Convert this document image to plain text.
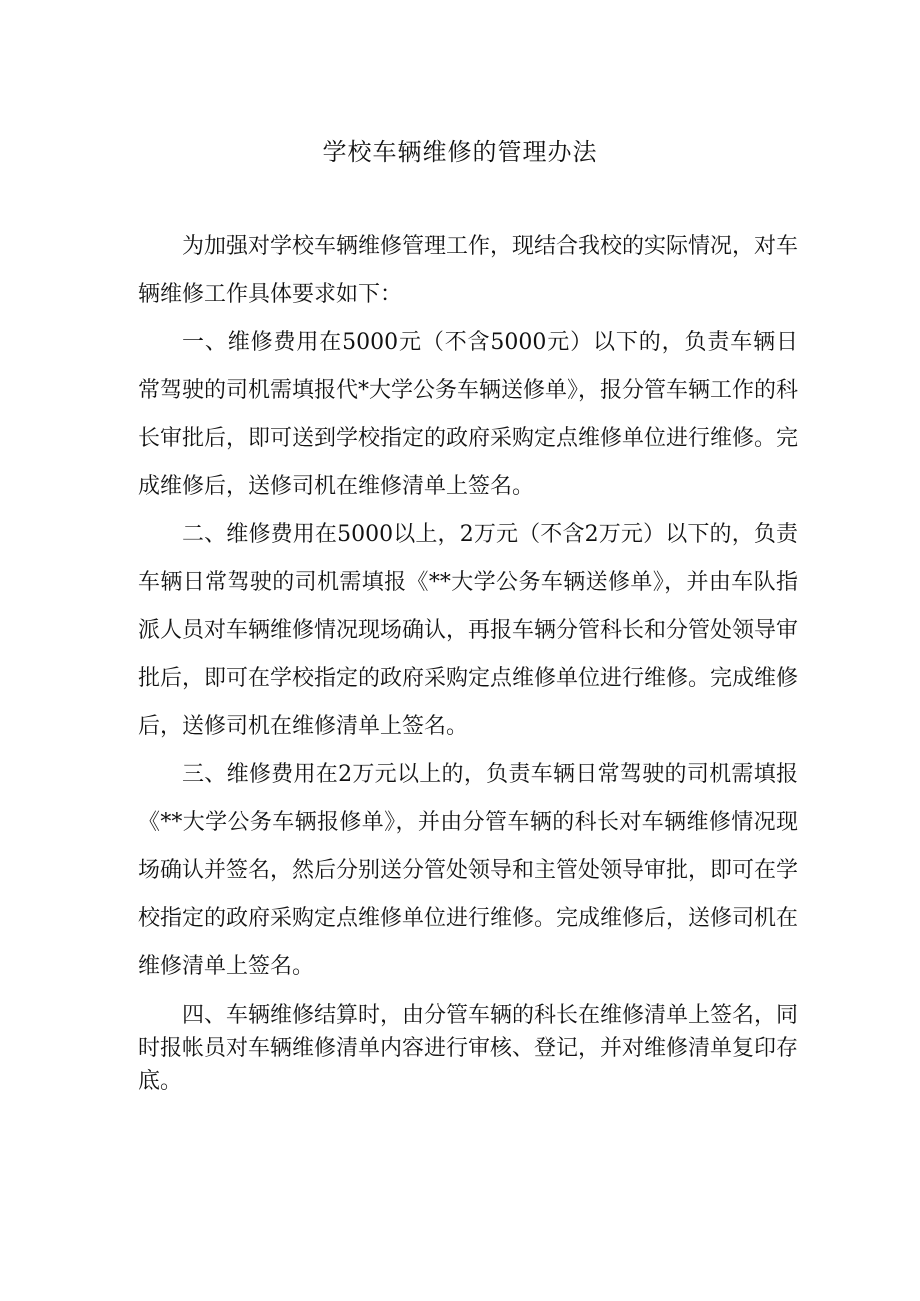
学校车辆维修的管理办法

为加强对学校车辆维修管理工作，现结合我校的实际情况，对车辆维修工作具体要求如下：

一、维修费用在5000元（不含5000元）以下的，负责车辆日常驾驶的司机需填报代*大学公务车辆送修单》，报分管车辆工作的科长审批后，即可送到学校指定的政府采购定点维修单位进行维修。完成维修后，送修司机在维修清单上签名。

二、维修费用在5000以上，2万元（不含2万元）以下的，负责车辆日常驾驶的司机需填报《**大学公务车辆送修单》，并由车队指派人员对车辆维修情况现场确认，再报车辆分管科长和分管处领导审批后，即可在学校指定的政府采购定点维修单位进行维修。完成维修后，送修司机在维修清单上签名。

三、维修费用在2万元以上的，负责车辆日常驾驶的司机需填报《**大学公务车辆报修单》，并由分管车辆的科长对车辆维修情况现场确认并签名，然后分别送分管处领导和主管处领导审批，即可在学校指定的政府采购定点维修单位进行维修。完成维修后，送修司机在维修清单上签名。

四、车辆维修结算时，由分管车辆的科长在维修清单上签名，同时报帐员对车辆维修清单内容进行审核、登记，并对维修清单复印存底。
